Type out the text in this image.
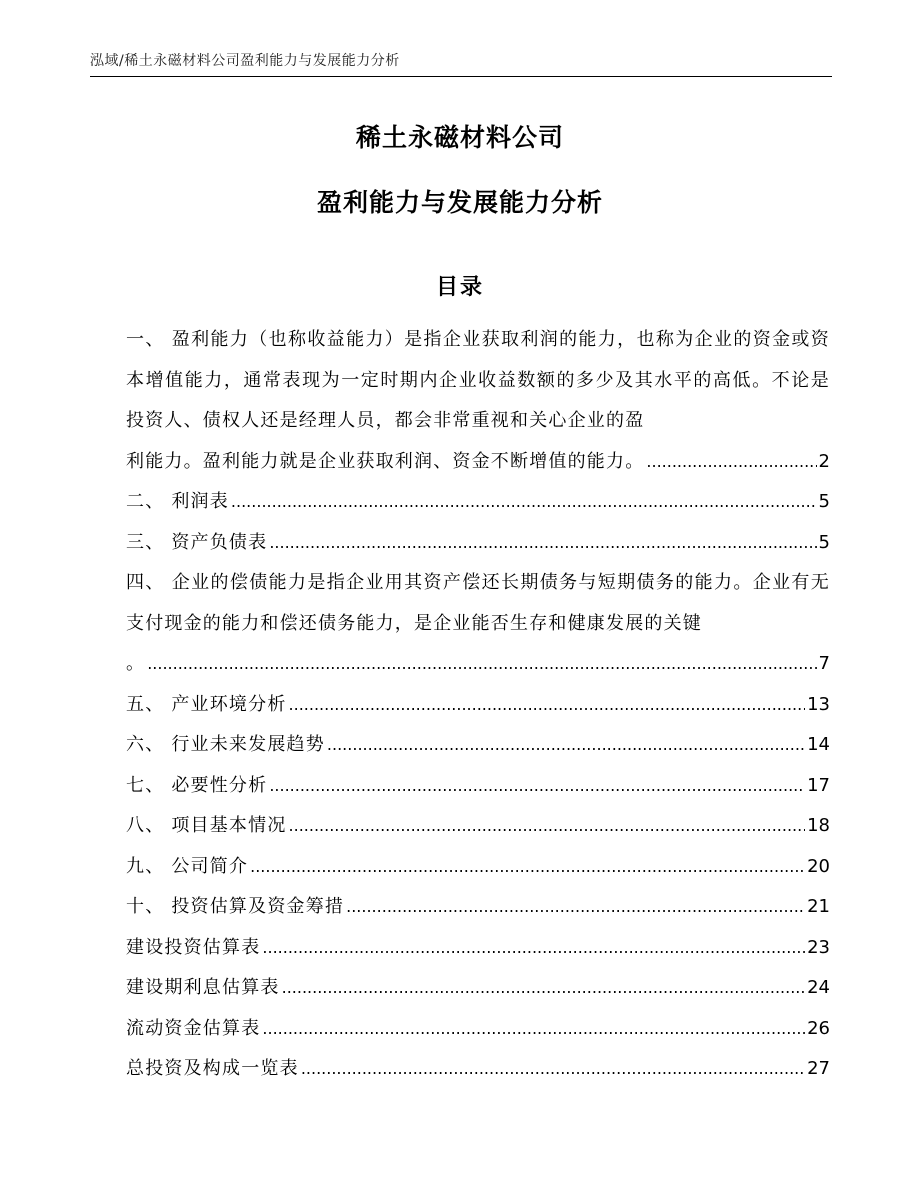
泓域/稀土永磁材料公司盈利能力与发展能力分析
稀土永磁材料公司
盈利能力与发展能力分析
目录
一、 盈利能力（也称收益能力）是指企业获取利润的能力，也称为企业的资金或资本增值能力，通常表现为一定时期内企业收益数额的多少及其水平的高低。不论是投资人、债权人还是经理人员，都会非常重视和关心企业的盈
利能力。盈利能力就是企业获取利润、资金不断增值的能力。 .....	2
二、 利润表 .....	5
三、 资产负债表 .....	5
四、 企业的偿债能力是指企业用其资产偿还长期债务与短期债务的能力。企业有无支付现金的能力和偿还债务能力，是企业能否生存和健康发展的关键
。 .....	7
五、 产业环境分析 .....	13
六、 行业未来发展趋势 .....	14
七、 必要性分析 .....	17
八、 项目基本情况 .....	18
九、 公司简介 .....	20
十、 投资估算及资金筹措 .....	21
建设投资估算表 .....	23
建设期利息估算表 .....	24
流动资金估算表 .....	26
总投资及构成一览表 .....	27
